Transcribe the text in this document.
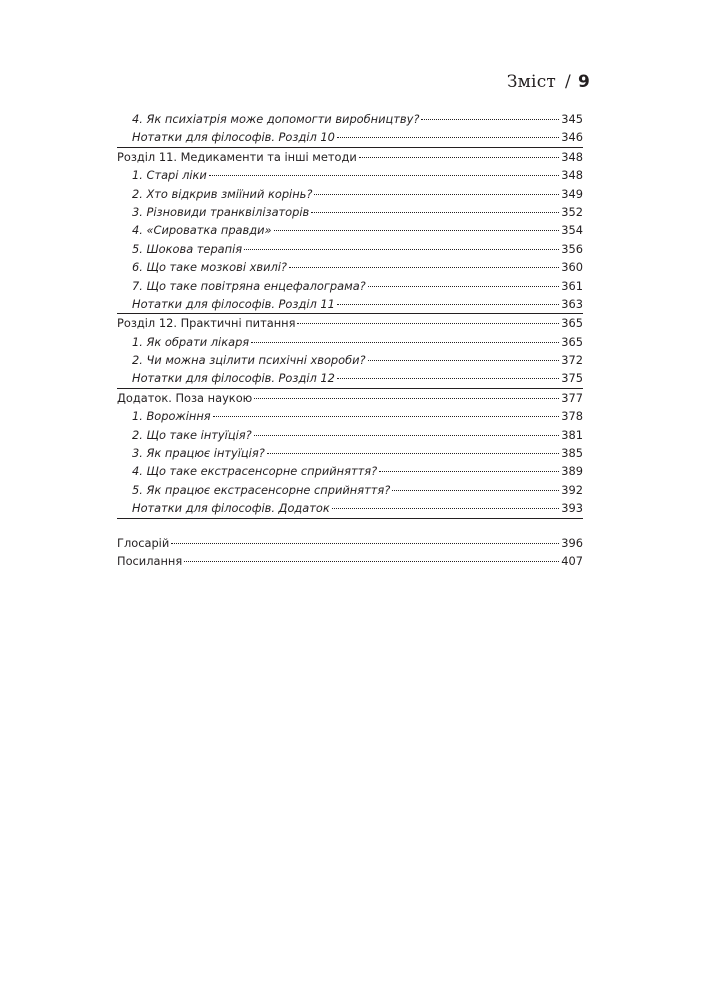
Зміст / 9
4. Як психіатрія може допомогти виробництву?	345
Нотатки для філософів. Розділ 10	346
Розділ 11. Медикаменти та інші методи	348
1. Старі ліки	348
2. Хто відкрив зміїний корінь?	349
3. Різновиди транквілізаторів	352
4. «Сироватка правди»	354
5. Шокова терапія	356
6. Що таке мозкові хвилі?	360
7. Що таке повітряна енцефалограма?	361
Нотатки для філософів. Розділ 11	363
Розділ 12. Практичні питання	365
1. Як обрати лікаря	365
2. Чи можна зцілити психічні хвороби?	372
Нотатки для філософів. Розділ 12	375
Додаток. Поза наукою	377
1. Ворожіння	378
2. Що таке інтуїція?	381
3. Як працює інтуїція?	385
4. Що таке екстрасенсорне сприйняття?	389
5. Як працює екстрасенсорне сприйняття?	392
Нотатки для філософів. Додаток	393
Глосарій	396
Посилання	407
